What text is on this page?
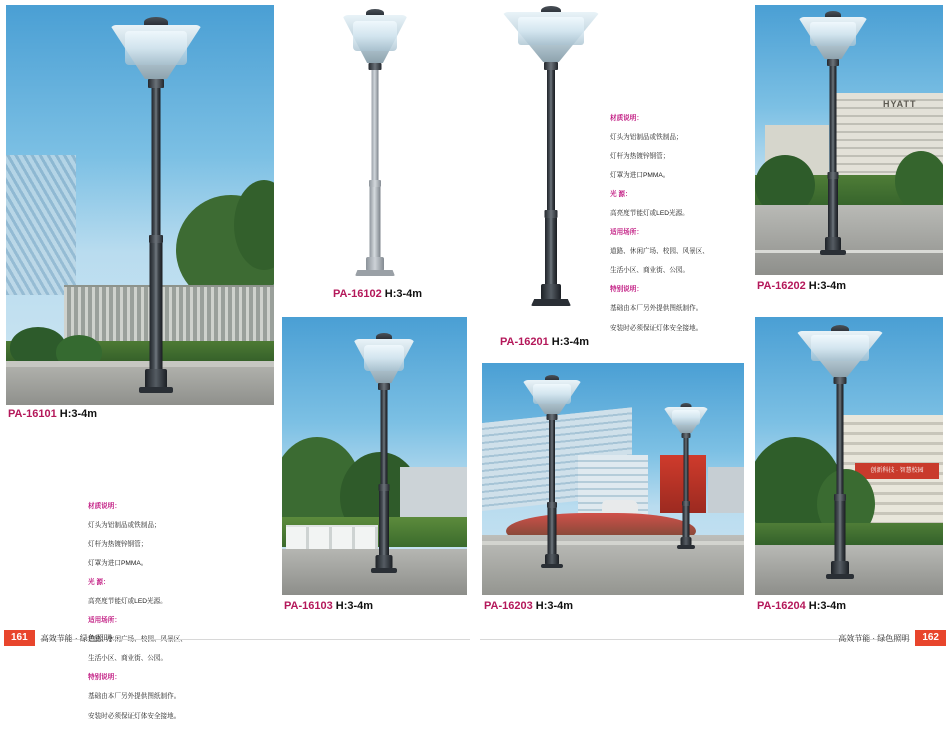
PA-16101 H:3-4m

材质说明：

灯头为铝制品或铁制品；

灯杆为热镀锌钢管；

灯罩为进口PMMA。

光 源：

高亮度节能灯或LED光源。

适用场所：

生活小区、商业街、公园。

特别说明：

基础由本厂另外提供图纸制作。

安装时必须保证灯体安全接地。

PA-16102 H:3-4m
PA-16103 H:3-4m
PA-16201 H:3-4m

材质说明：

灯头为铝制品或铁制品；

灯杆为热镀锌钢管；

灯罩为进口PMMA。

光 源：

高亮度节能灯或LED光源。

适用场所：

道路、休闲广场、校园、风景区、

生活小区、商业街、公园。

特别说明：

基础由本厂另外提供图纸制作。

安装时必须保证灯体安全接地。

HYATT
PA-16202 H:3-4m
PA-16203 H:3-4m
创新科技 · 智慧校园
PA-16204 H:3-4m
161	高效节能 · 绿色照明	高效节能 · 绿色照明	162
